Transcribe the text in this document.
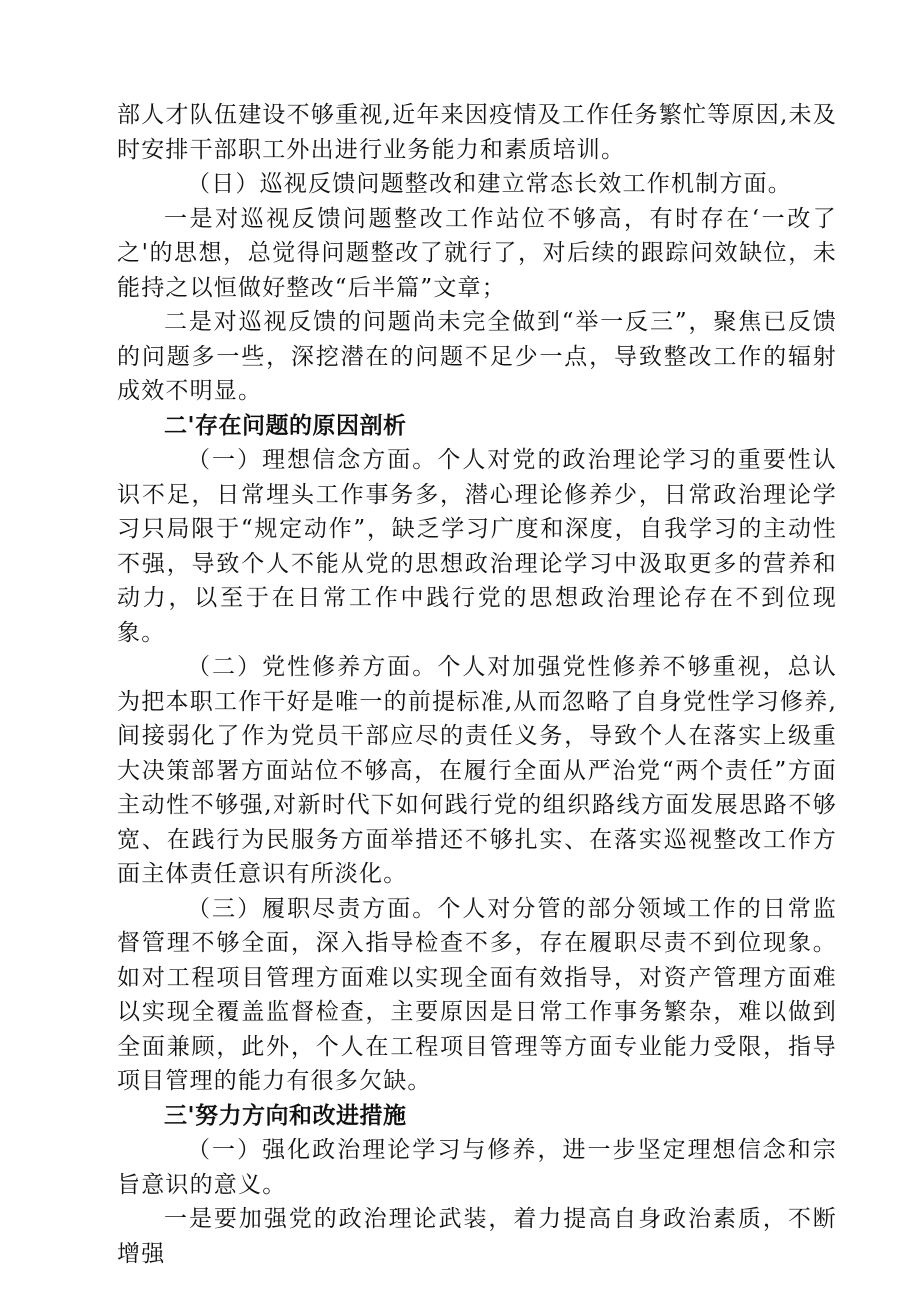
部人才队伍建设不够重视,近年来因疫情及工作任务繁忙等原因,未及时安排干部职工外出进行业务能力和素质培训。

（日）巡视反馈问题整改和建立常态长效工作机制方面。

一是对巡视反馈问题整改工作站位不够高，有时存在‘一改了之'的思想，总觉得问题整改了就行了，对后续的跟踪问效缺位，未能持之以恒做好整改“后半篇”文章；

二是对巡视反馈的问题尚未完全做到“举一反三”，聚焦已反馈的问题多一些，深挖潜在的问题不足少一点，导致整改工作的辐射成效不明显。

二'存在问题的原因剖析

（一）理想信念方面。个人对党的政治理论学习的重要性认识不足，日常埋头工作事务多，潜心理论修养少，日常政治理论学习只局限于“规定动作”，缺乏学习广度和深度，自我学习的主动性不强，导致个人不能从党的思想政治理论学习中汲取更多的营养和动力，以至于在日常工作中践行党的思想政治理论存在不到位现象。

（二）党性修养方面。个人对加强党性修养不够重视，总认为把本职工作干好是唯一的前提标准,从而忽略了自身党性学习修养,间接弱化了作为党员干部应尽的责任义务，导致个人在落实上级重大决策部署方面站位不够高，在履行全面从严治党“两个责任”方面主动性不够强,对新时代下如何践行党的组织路线方面发展思路不够宽、在践行为民服务方面举措还不够扎实、在落实巡视整改工作方面主体责任意识有所淡化。

（三）履职尽责方面。个人对分管的部分领域工作的日常监督管理不够全面，深入指导检查不多，存在履职尽责不到位现象。如对工程项目管理方面难以实现全面有效指导，对资产管理方面难以实现全覆盖监督检查，主要原因是日常工作事务繁杂，难以做到全面兼顾，此外，个人在工程项目管理等方面专业能力受限，指导项目管理的能力有很多欠缺。

三'努力方向和改进措施

（一）强化政治理论学习与修养，进一步坚定理想信念和宗旨意识的意义。

一是要加强党的政治理论武装，着力提高自身政治素质，不断增强
